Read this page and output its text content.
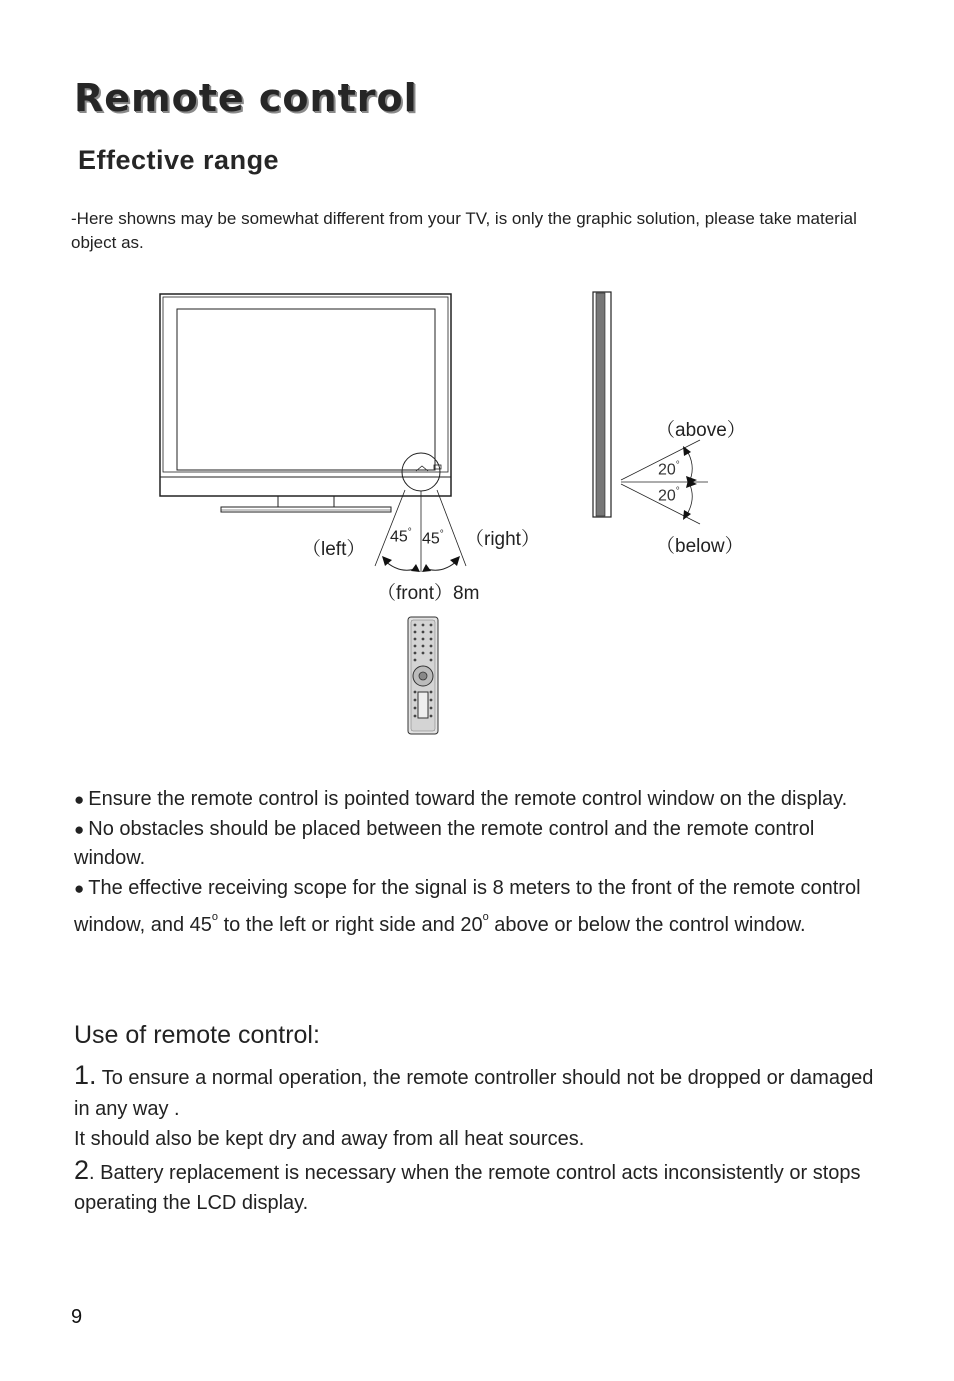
Remote control
Effective range
-Here showns may be somewhat different from your TV, is only the graphic solution, please take material object as.
（left）	（right）
（front）8m
（above）
（below）
45° 45°
20°
20°

● Ensure the remote control is pointed toward the remote control window on the display.

● No obstacles should be placed between the remote control and the remote control window.

● The effective receiving scope for the signal is 8 meters to the front of the remote control window, and 45$^o$ to the left or right side and 20$^o$ above or below the control window.

Use of remote control:

1. To ensure a normal operation, the remote controller should not be dropped or damaged in any way .

It should also be kept dry and away from all heat sources.

2. Battery replacement is necessary when the remote control acts inconsistently or stops operating the LCD display.

9
